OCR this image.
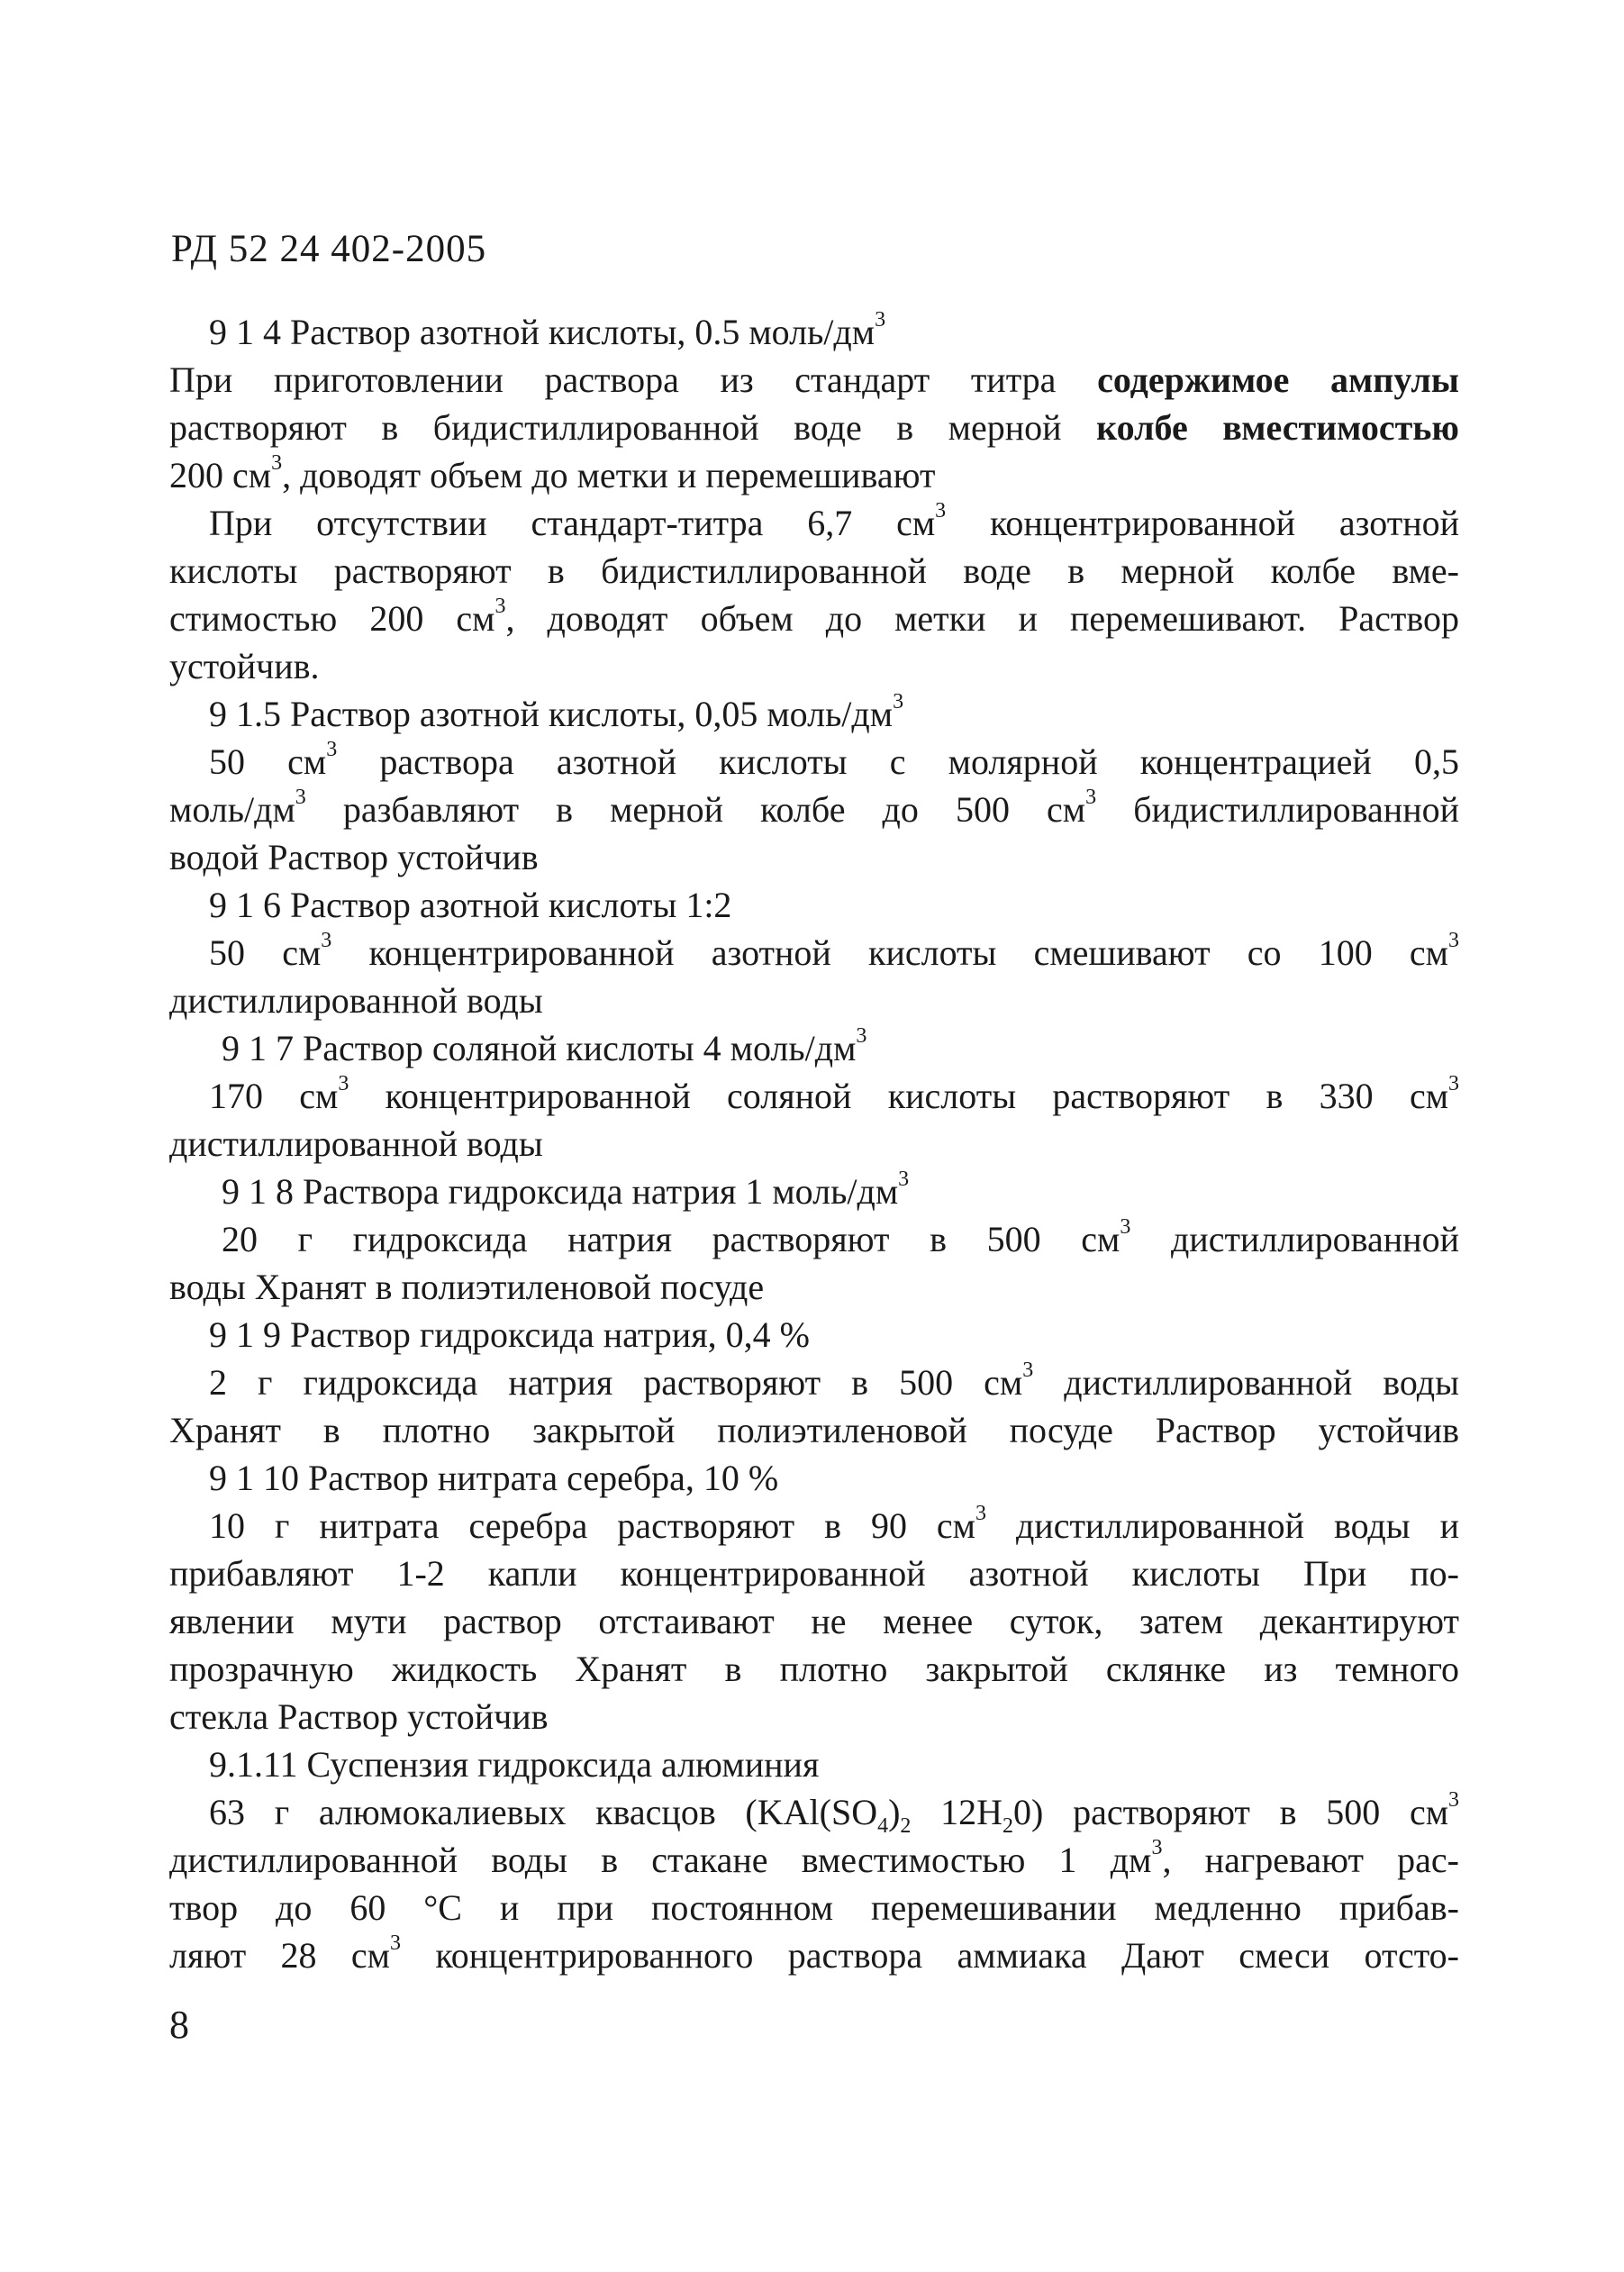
РД 52 24 402-2005
9 1 4 Раствор азотной кислоты, 0.5 моль/$дм^3$
При приготовлении раствора из стандарт титра содержимое ампулы
растворяют в бидистиллированной воде в мерной колбе вместимостью
200 $см^3$, доводят объем до метки и перемешивают
При отсутствии стандарт-титра 6,7 $см^3$ концентрированной азотной
кислоты растворяют в бидистиллированной воде в мерной колбе вме-
стимостью 200 $см^3$, доводят объем до метки и перемешивают. Раствор
устойчив.
9 1.5 Раствор азотной кислоты, 0,05 моль/$дм^3$
50 $см^3$ раствора азотной кислоты с молярной концентрацией 0,5
моль/$дм^3$ разбавляют в мерной колбе до 500 $см^3$ бидистиллированной
водой Раствор устойчив
9 1 6 Раствор азотной кислоты 1:2
50 $см^3$ концентрированной азотной кислоты смешивают со 100 $см^3$
дистиллированной воды
9 1 7 Раствор соляной кислоты 4 моль/$дм^3$
170 $см^3$ концентрированной соляной кислоты растворяют в 330 $см^3$
дистиллированной воды
9 1 8 Раствора гидроксида натрия 1 моль/$дм^3$
20 г гидроксида натрия растворяют в 500 $см^3$ дистиллированной
воды Хранят в полиэтиленовой посуде
9 1 9 Раствор гидроксида натрия, 0,4 %
2 г гидроксида натрия растворяют в 500 $см^3$ дистиллированной воды
Хранят в плотно закрытой полиэтиленовой посуде Раствор устойчив
9 1 10 Раствор нитрата серебра, 10 %
10 г нитрата серебра растворяют в 90 $см^3$ дистиллированной воды и
прибавляют 1-2 капли концентрированной азотной кислоты При по-
явлении мути раствор отстаивают не менее суток, затем декантируют
прозрачную жидкость Хранят в плотно закрытой склянке из темного
стекла Раствор устойчив
9.1.11 Суспензия гидроксида алюминия
63 г алюмокалиевых квасцов ($KAl(SO_4)_2$ $12H_20$) растворяют в 500 $см^3$
дистиллированной воды в стакане вместимостью 1 $дм^3$, нагревают рас-
твор до 60 °С и при постоянном перемешивании медленно прибав-
ляют 28 $см^3$ концентрированного раствора аммиака Дают смеси отсто-
8
